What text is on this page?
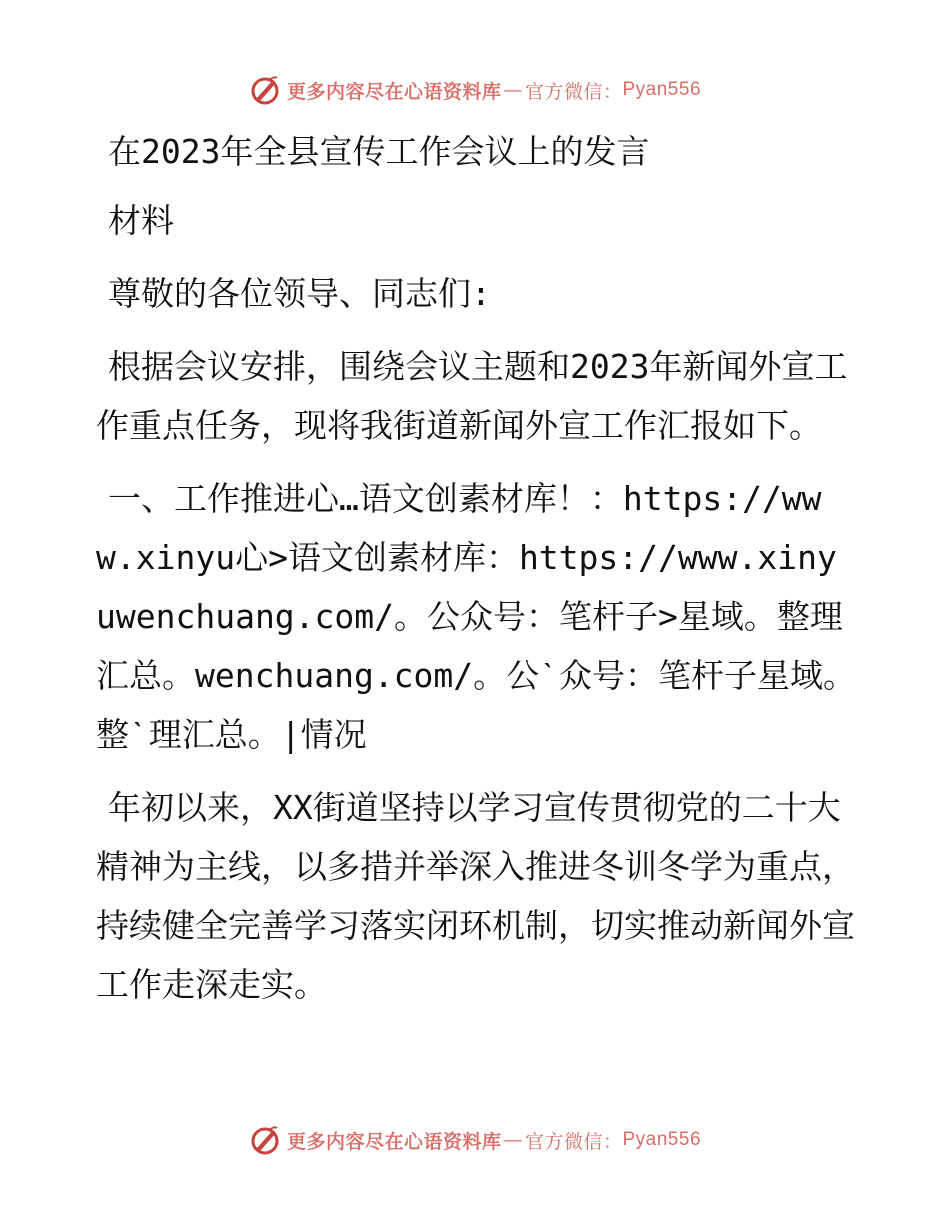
更多内容尽在心语资料库 — 官方微信： Pyan556

在2023年全县宣传工作会议上的发言

材料

尊敬的各位领导、同志们:

根据会议安排，围绕会议主题和2023年新闻外宣工作重点任务，现将我街道新闻外宣工作汇报如下。

一、工作推进心…语文创素材库！：https://www.xinyu心>语文创素材库：https://www.xinyuwenchuang.com/。公众号：笔杆子>星域。整理汇总。wenchuang.com/。公ˋ众号：笔杆子星域。整ˋ理汇总。|情况

年初以来，XX街道坚持以学习宣传贯彻党的二十大精神为主线，以多措并举深入推进冬训冬学为重点，持续健全完善学习落实闭环机制，切实推动新闻外宣工作走深走实。

更多内容尽在心语资料库 — 官方微信： Pyan556
